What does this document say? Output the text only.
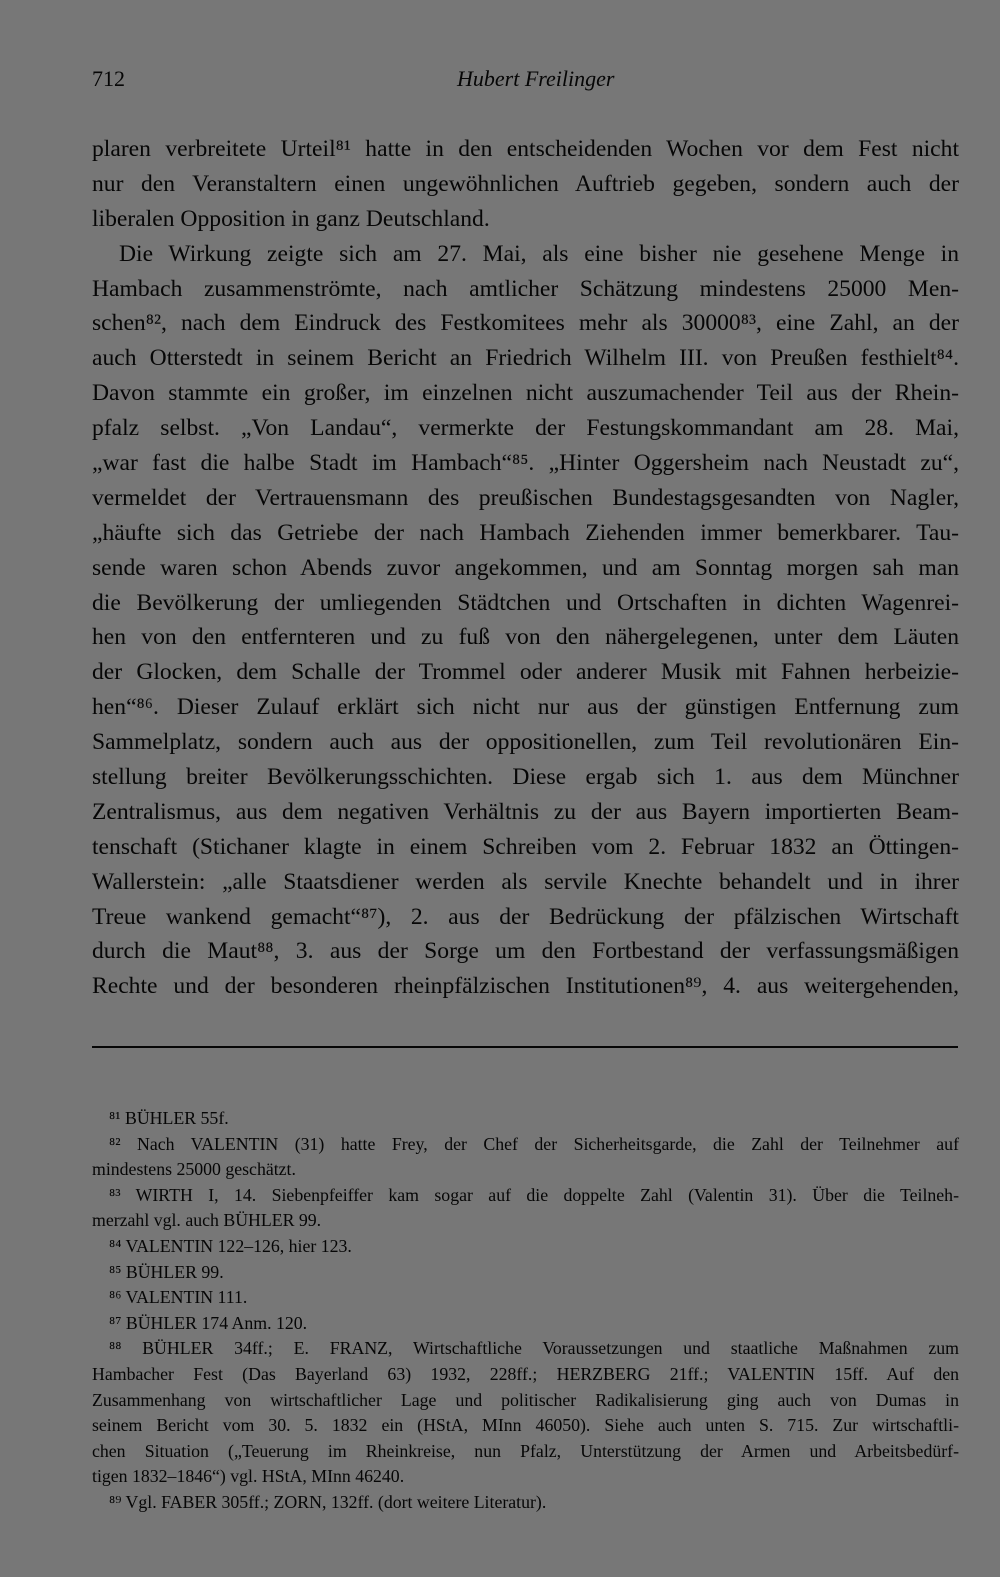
712	Hubert Freilinger
plaren verbreitete Urteil⁸¹ hatte in den entscheidenden Wochen vor dem Fest nicht
nur den Veranstaltern einen ungewöhnlichen Auftrieb gegeben, sondern auch der
liberalen Opposition in ganz Deutschland.
Die Wirkung zeigte sich am 27. Mai, als eine bisher nie gesehene Menge in
Hambach zusammenströmte, nach amtlicher Schätzung mindestens 25000 Men-
schen⁸², nach dem Eindruck des Festkomitees mehr als 30000⁸³, eine Zahl, an der
auch Otterstedt in seinem Bericht an Friedrich Wilhelm III. von Preußen festhielt⁸⁴.
Davon stammte ein großer, im einzelnen nicht auszumachender Teil aus der Rhein-
pfalz selbst. „Von Landau“, vermerkte der Festungskommandant am 28. Mai,
„war fast die halbe Stadt im Hambach“⁸⁵. „Hinter Oggersheim nach Neustadt zu“,
vermeldet der Vertrauensmann des preußischen Bundestagsgesandten von Nagler,
„häufte sich das Getriebe der nach Hambach Ziehenden immer bemerkbarer. Tau-
sende waren schon Abends zuvor angekommen, und am Sonntag morgen sah man
die Bevölkerung der umliegenden Städtchen und Ortschaften in dichten Wagenrei-
hen von den entfernteren und zu fuß von den nähergelegenen, unter dem Läuten
der Glocken, dem Schalle der Trommel oder anderer Musik mit Fahnen herbeizie-
hen“⁸⁶. Dieser Zulauf erklärt sich nicht nur aus der günstigen Entfernung zum
Sammelplatz, sondern auch aus der oppositionellen, zum Teil revolutionären Ein-
stellung breiter Bevölkerungsschichten. Diese ergab sich 1. aus dem Münchner
Zentralismus, aus dem negativen Verhältnis zu der aus Bayern importierten Beam-
tenschaft (Stichaner klagte in einem Schreiben vom 2. Februar 1832 an Öttingen-
Wallerstein: „alle Staatsdiener werden als servile Knechte behandelt und in ihrer
Treue wankend gemacht“⁸⁷), 2. aus der Bedrückung der pfälzischen Wirtschaft
durch die Maut⁸⁸, 3. aus der Sorge um den Fortbestand der verfassungsmäßigen
Rechte und der besonderen rheinpfälzischen Institutionen⁸⁹, 4. aus weitergehenden,
⁸¹ BÜHLER 55f.
⁸² Nach VALENTIN (31) hatte Frey, der Chef der Sicherheitsgarde, die Zahl der Teilnehmer auf
mindestens 25000 geschätzt.
⁸³ WIRTH I, 14. Siebenpfeiffer kam sogar auf die doppelte Zahl (Valentin 31). Über die Teilneh-
merzahl vgl. auch BÜHLER 99.
⁸⁴ VALENTIN 122–126, hier 123.
⁸⁵ BÜHLER 99.
⁸⁶ VALENTIN 111.
⁸⁷ BÜHLER 174 Anm. 120.
⁸⁸ BÜHLER 34ff.; E. FRANZ, Wirtschaftliche Voraussetzungen und staatliche Maßnahmen zum
Hambacher Fest (Das Bayerland 63) 1932, 228ff.; HERZBERG 21ff.; VALENTIN 15ff. Auf den
Zusammenhang von wirtschaftlicher Lage und politischer Radikalisierung ging auch von Dumas in
seinem Bericht vom 30. 5. 1832 ein (HStA, MInn 46050). Siehe auch unten S. 715. Zur wirtschaftli-
chen Situation („Teuerung im Rheinkreise, nun Pfalz, Unterstützung der Armen und Arbeitsbedürf-
tigen 1832–1846“) vgl. HStA, MInn 46240.
⁸⁹ Vgl. FABER 305ff.; ZORN, 132ff. (dort weitere Literatur).
